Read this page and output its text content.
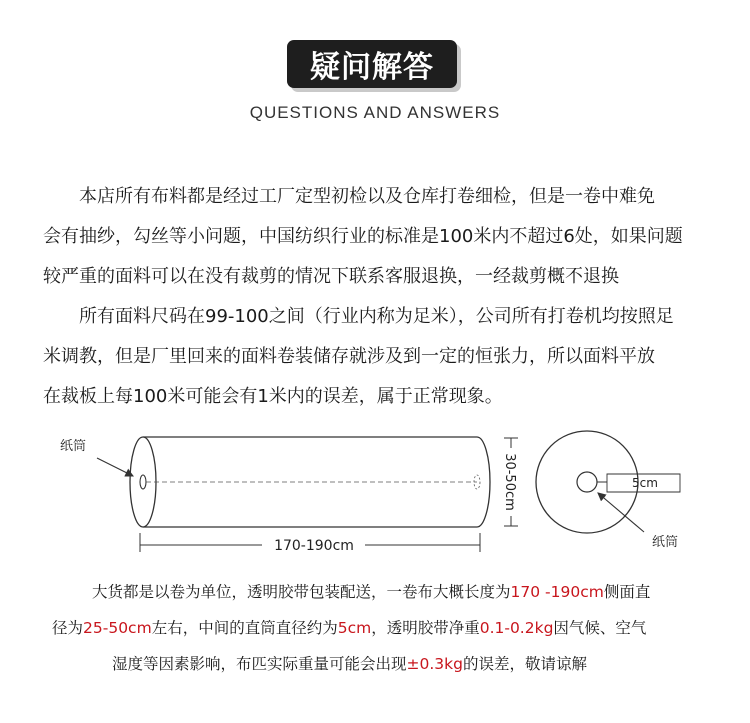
疑问解答
QUESTIONS AND ANSWERS

本店所有布料都是经过工厂定型初检以及仓库打卷细检，但是一卷中难免

会有抽纱，勾丝等小问题，中国纺织行业的标准是100米内不超过6处，如果问题

较严重的面料可以在没有裁剪的情况下联系客服退换，一经裁剪概不退换

所有面料尺码在99-100之间（行业内称为足米），公司所有打卷机均按照足

米调教，但是厂里回来的面料卷装储存就涉及到一定的恒张力，所以面料平放

在裁板上每100米可能会有1米内的误差，属于正常现象。

纸筒
170-190cm
30-50cm	5cm
纸筒

大货都是以卷为单位，透明胶带包装配送，一卷布大概长度为170 -190cm侧面直

径为25-50cm左右，中间的直筒直径约为5cm，透明胶带净重0.1-0.2kg因气候、空气

湿度等因素影响，布匹实际重量可能会出现±0.3kg的误差，敬请谅解
